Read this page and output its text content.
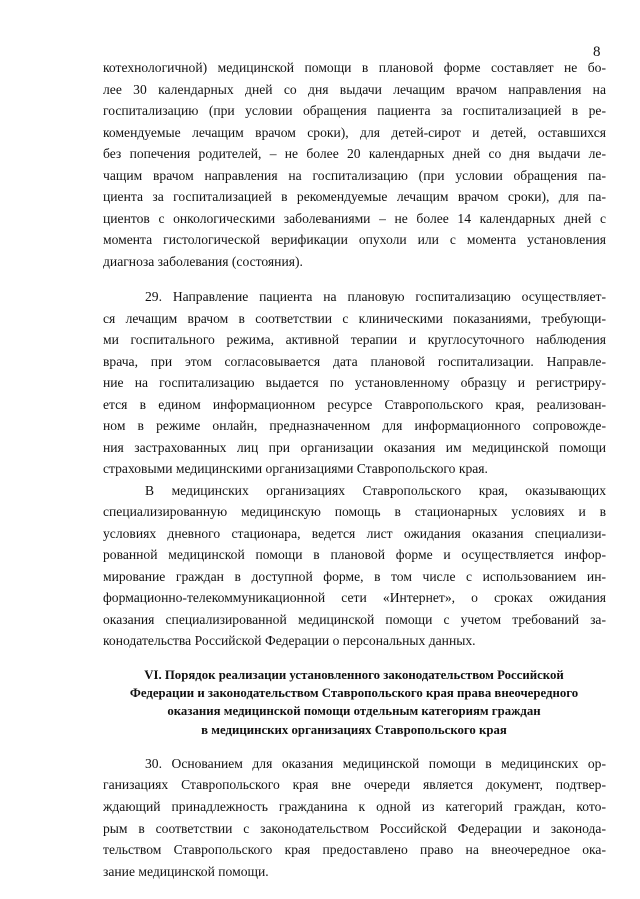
8
котехнологичной) медицинской помощи в плановой форме составляет не бо-
лее 30 календарных дней со дня выдачи лечащим врачом направления на
госпитализацию (при условии обращения пациента за госпитализацией в ре-
комендуемые лечащим врачом сроки), для детей-сирот и детей, оставшихся
без попечения родителей, – не более 20 календарных дней со дня выдачи ле-
чащим врачом направления на госпитализацию (при условии обращения па-
циента за госпитализацией в рекомендуемые лечащим врачом сроки), для па-
циентов с онкологическими заболеваниями – не более 14 календарных дней с
момента гистологической верификации опухоли или с момента установления
диагноза заболевания (состояния).
29. Направление пациента на плановую госпитализацию осуществляет-
ся лечащим врачом в соответствии с клиническими показаниями, требующи-
ми госпитального режима, активной терапии и круглосуточного наблюдения
врача, при этом согласовывается дата плановой госпитализации. Направле-
ние на госпитализацию выдается по установленному образцу и регистриру-
ется в едином информационном ресурсе Ставропольского края, реализован-
ном в режиме онлайн, предназначенном для информационного сопровожде-
ния застрахованных лиц при организации оказания им медицинской помощи
страховыми медицинскими организациями Ставропольского края.
В медицинских организациях Ставропольского края, оказывающих
специализированную медицинскую помощь в стационарных условиях и в
условиях дневного стационара, ведется лист ожидания оказания специализи-
рованной медицинской помощи в плановой форме и осуществляется инфор-
мирование граждан в доступной форме, в том числе с использованием ин-
формационно-телекоммуникационной сети «Интернет», о сроках ожидания
оказания специализированной медицинской помощи с учетом требований за-
конодательства Российской Федерации о персональных данных.
VI. Порядок реализации установленного законодательством Российской
Федерации и законодательством Ставропольского края права внеочередного
оказания медицинской помощи отдельным категориям граждан
в медицинских организациях Ставропольского края
30. Основанием для оказания медицинской помощи в медицинских ор-
ганизациях Ставропольского края вне очереди является документ, подтвер-
ждающий принадлежность гражданина к одной из категорий граждан, кото-
рым в соответствии с законодательством Российской Федерации и законода-
тельством Ставропольского края предоставлено право на внеочередное ока-
зание медицинской помощи.
